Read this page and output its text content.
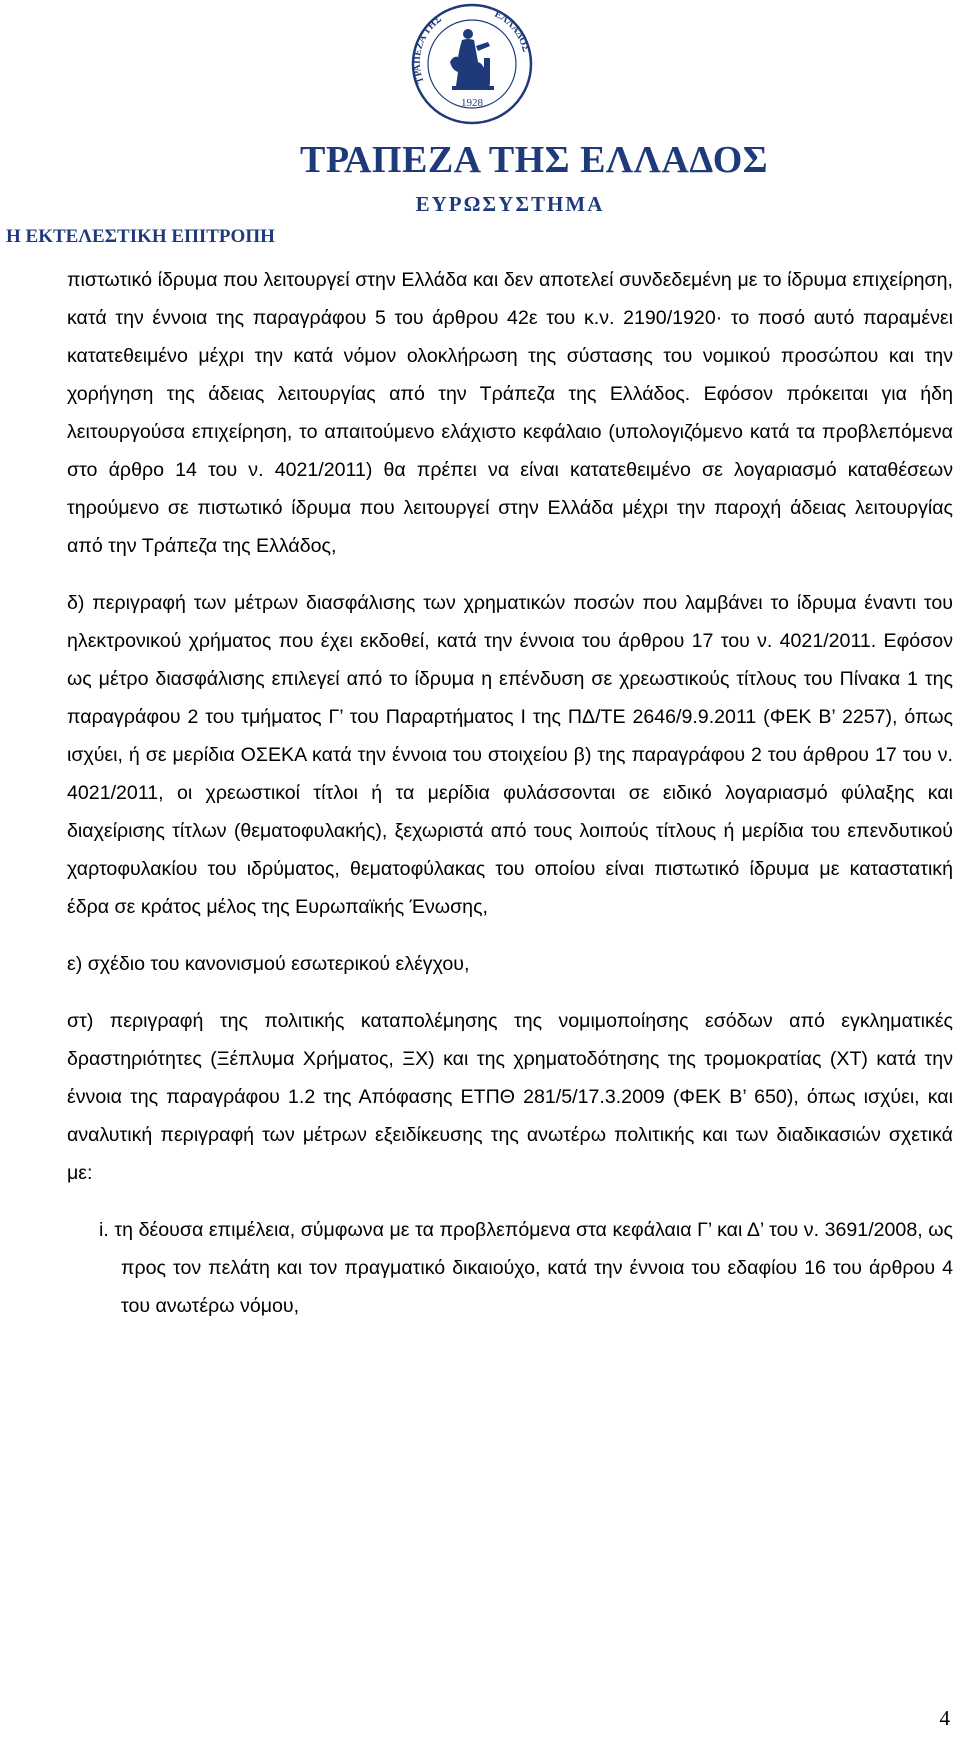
ΤΡΑΠΕΖΑ ΤΗΣ	ΕΛΛΑΔΟΣ
1928
ΤΡΑΠΕΖΑ ΤΗΣ ΕΛΛΑΔΟΣ
ΕΥΡΩΣΥΣΤΗΜΑ
Η ΕΚΤΕΛΕΣΤΙΚΗ ΕΠΙΤΡΟΠΗ

πιστωτικό ίδρυμα που λειτουργεί στην Ελλάδα και δεν αποτελεί συνδεδεμένη με το ίδρυμα επιχείρηση, κατά την έννοια της παραγράφου 5 του άρθρου 42ε του κ.ν. 2190/1920· το ποσό αυτό παραμένει κατατεθειμένο μέχρι την κατά νόμον ολοκλήρωση της σύστασης του νομικού προσώπου και την χορήγηση της άδειας λειτουργίας από την Τράπεζα της Ελλάδος. Εφόσον πρόκειται για ήδη λειτουργούσα επιχείρηση, το απαιτούμενο ελάχιστο κεφάλαιο (υπολογιζόμενο κατά τα προβλεπόμενα στο άρθρο 14 του ν. 4021/2011) θα πρέπει να είναι κατατεθειμένο σε λογαριασμό καταθέσεων τηρούμενο σε πιστωτικό ίδρυμα που λειτουργεί στην Ελλάδα μέχρι την παροχή άδειας λειτουργίας από την Τράπεζα της Ελλάδος,

δ) περιγραφή των μέτρων διασφάλισης των χρηματικών ποσών που λαμβάνει το ίδρυμα έναντι του ηλεκτρονικού χρήματος που έχει εκδοθεί, κατά την έννοια του άρθρου 17 του ν. 4021/2011. Εφόσον ως μέτρο διασφάλισης επιλεγεί από το ίδρυμα η επένδυση σε χρεωστικούς τίτλους του Πίνακα 1 της παραγράφου 2 του τμήματος Γ’ του Παραρτήματος Ι της ΠΔ/ΤΕ 2646/9.9.2011 (ΦΕΚ Β’ 2257), όπως ισχύει, ή σε μερίδια ΟΣΕΚΑ κατά την έννοια του στοιχείου β) της παραγράφου 2 του άρθρου 17 του ν. 4021/2011, οι χρεωστικοί τίτλοι ή τα μερίδια φυλάσσονται σε ειδικό λογαριασμό φύλαξης και διαχείρισης τίτλων (θεματοφυλακής), ξεχωριστά από τους λοιπούς τίτλους ή μερίδια του επενδυτικού χαρτοφυλακίου του ιδρύματος, θεματοφύλακας του οποίου είναι πιστωτικό ίδρυμα με καταστατική έδρα σε κράτος μέλος της Ευρωπαϊκής Ένωσης,

ε) σχέδιο του κανονισμού εσωτερικού ελέγχου,

στ) περιγραφή της πολιτικής καταπολέμησης της νομιμοποίησης εσόδων από εγκληματικές δραστηριότητες (Ξέπλυμα Χρήματος, ΞΧ) και της χρηματοδότησης της τρομοκρατίας (ΧΤ) κατά την έννοια της παραγράφου 1.2 της Απόφασης ΕΤΠΘ 281/5/17.3.2009 (ΦΕΚ Β’ 650), όπως ισχύει, και αναλυτική περιγραφή των μέτρων εξειδίκευσης της ανωτέρω πολιτικής και των διαδικασιών σχετικά με:

i. τη δέουσα επιμέλεια, σύμφωνα με τα προβλεπόμενα στα κεφάλαια Γ’ και Δ’ του ν. 3691/2008, ως προς τον πελάτη και τον πραγματικό δικαιούχο, κατά την έννοια του εδαφίου 16 του άρθρου 4 του ανωτέρω νόμου,

4
